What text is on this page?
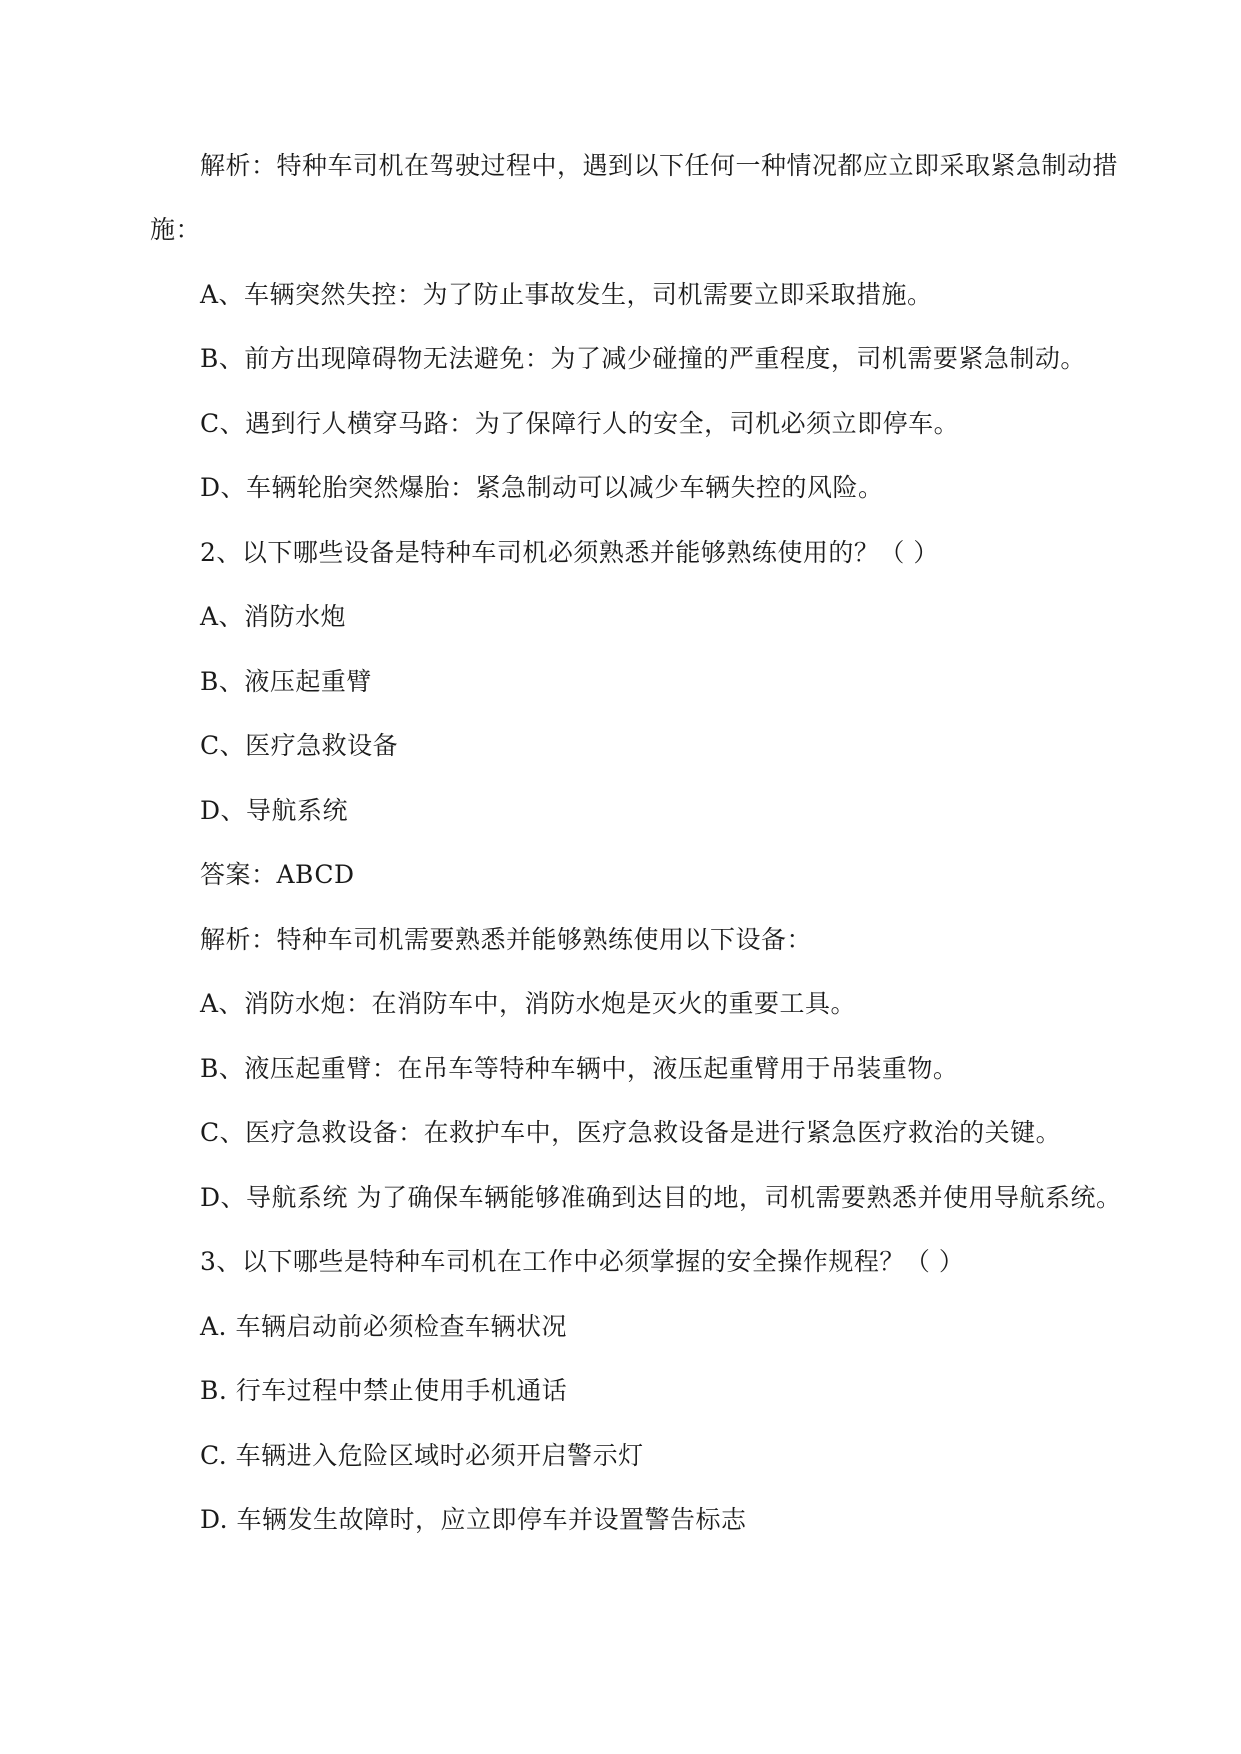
解析：特种车司机在驾驶过程中，遇到以下任何一种情况都应立即采取紧急制动措
施：
A、车辆突然失控：为了防止事故发生，司机需要立即采取措施。
B、前方出现障碍物无法避免：为了减少碰撞的严重程度，司机需要紧急制动。
C、遇到行人横穿马路：为了保障行人的安全，司机必须立即停车。
D、车辆轮胎突然爆胎：紧急制动可以减少车辆失控的风险。
2、以下哪些设备是特种车司机必须熟悉并能够熟练使用的？（ ）
A、消防水炮
B、液压起重臂
C、医疗急救设备
D、导航系统
答案：ABCD
解析：特种车司机需要熟悉并能够熟练使用以下设备：
A、消防水炮：在消防车中，消防水炮是灭火的重要工具。
B、液压起重臂：在吊车等特种车辆中，液压起重臂用于吊装重物。
C、医疗急救设备：在救护车中，医疗急救设备是进行紧急医疗救治的关键。
D、导航系统 为了确保车辆能够准确到达目的地，司机需要熟悉并使用导航系统。
3、以下哪些是特种车司机在工作中必须掌握的安全操作规程？（ ）
A. 车辆启动前必须检查车辆状况
B. 行车过程中禁止使用手机通话
C. 车辆进入危险区域时必须开启警示灯
D. 车辆发生故障时，应立即停车并设置警告标志
